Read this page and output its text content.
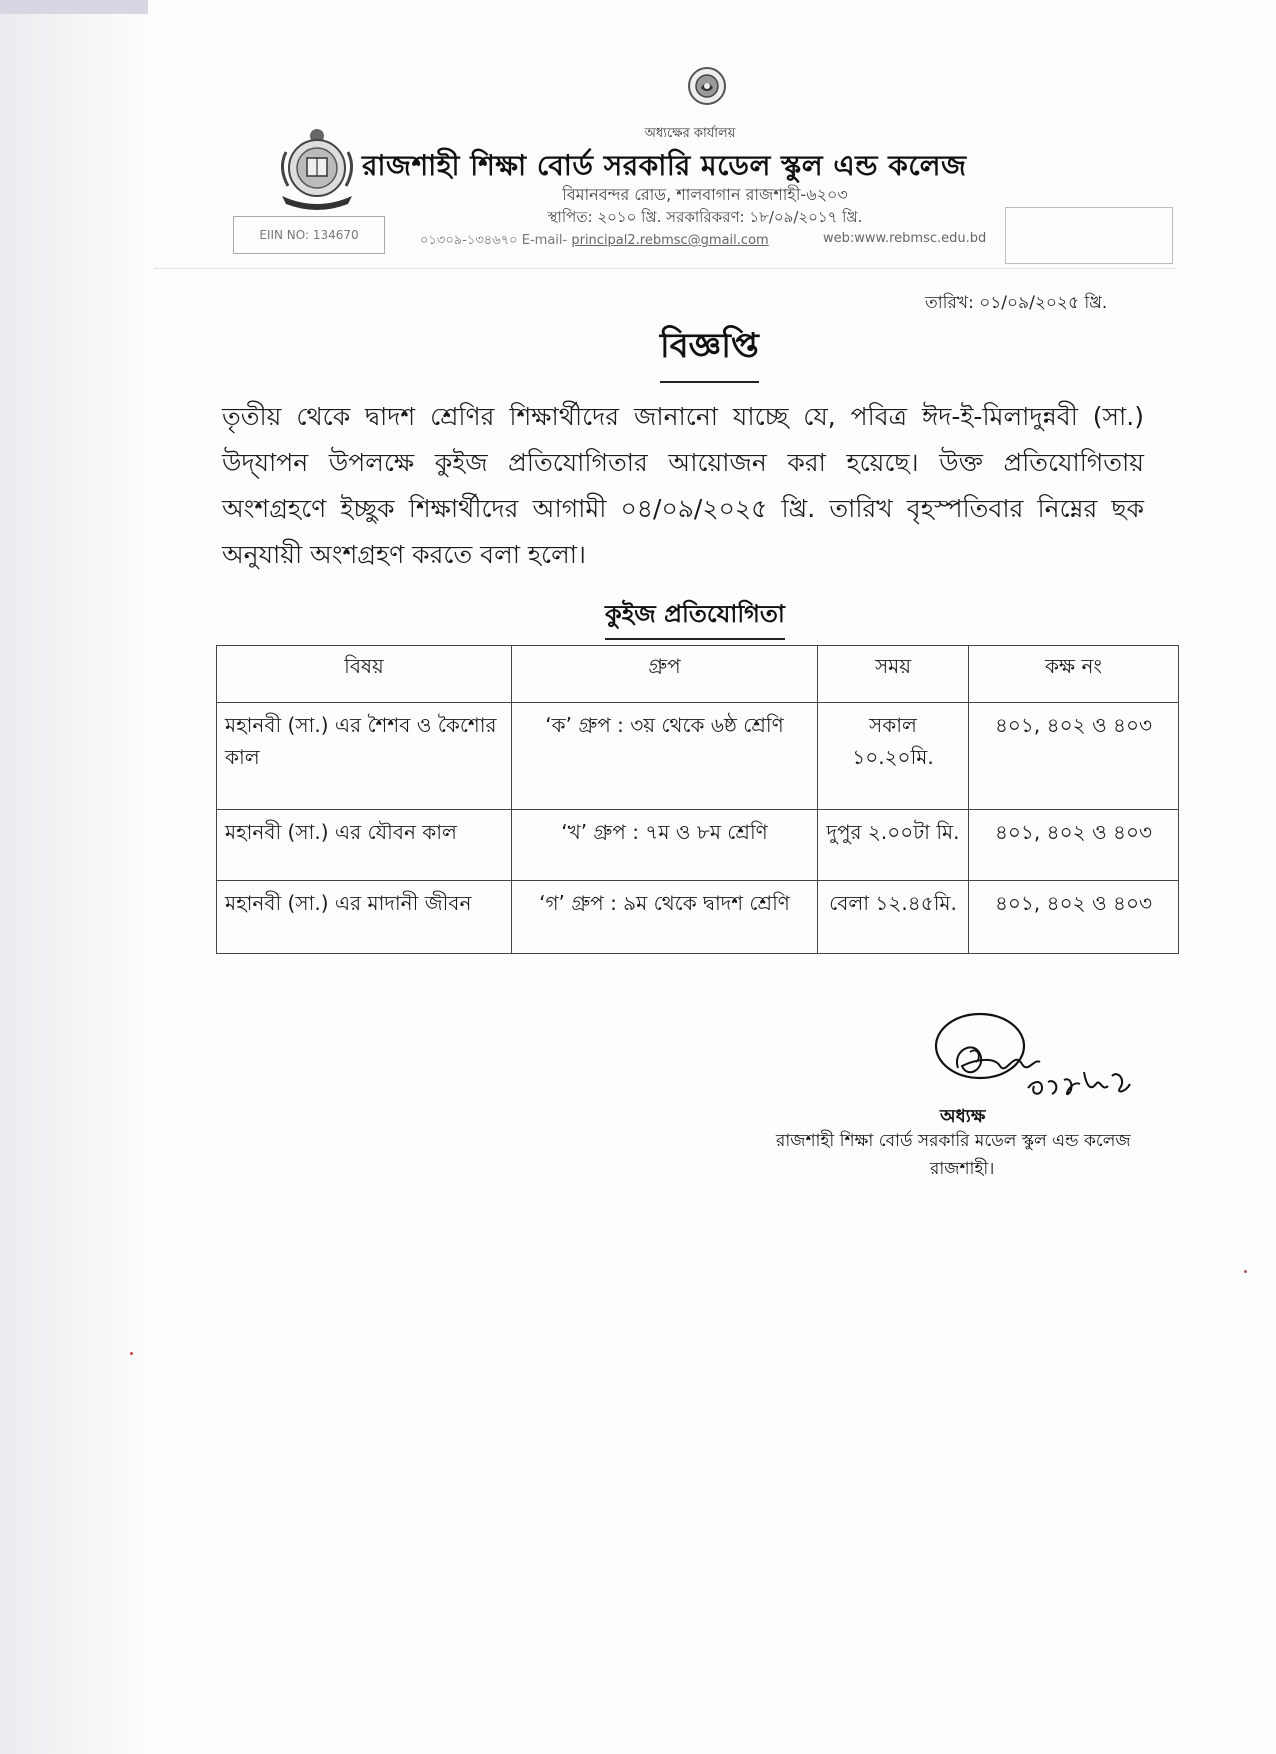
অধ্যক্ষের কার্যালয়
রাজশাহী শিক্ষা বোর্ড সরকারি মডেল স্কুল এন্ড কলেজ
বিমানবন্দর রোড, শালবাগান রাজশাহী-৬২০৩
স্থাপিত: ২০১০ খ্রি. সরকারিকরণ: ১৮/০৯/২০১৭ খ্রি.
০১৩০৯-১৩৪৬৭০ E-mail- principal2.rebmsc@gmail.com	web:www.rebmsc.edu.bd
EIIN NO: 134670

তারিখ: ০১/০৯/২০২৫ খ্রি.
বিজ্ঞপ্তি
তৃতীয় থেকে দ্বাদশ শ্রেণির শিক্ষার্থীদের জানানো যাচ্ছে যে, পবিত্র ঈদ-ই-মিলাদুন্নবী (সা.) উদ্‌যাপন উপলক্ষে কুইজ প্রতিযোগিতার আয়োজন করা হয়েছে। উক্ত প্রতিযোগিতায় অংশগ্রহণে ইচ্ছুক শিক্ষার্থীদের আগামী ০৪/০৯/২০২৫ খ্রি. তারিখ বৃহস্পতিবার নিম্নের ছক অনুযায়ী অংশগ্রহণ করতে বলা হলো।
কুইজ প্রতিযোগিতা
বিষয়	গ্রুপ	সময়	কক্ষ নং
মহানবী (সা.) এর শৈশব ও কৈশোর কাল	‘ক’ গ্রুপ : ৩য় থেকে ৬ষ্ঠ শ্রেণি	সকাল ১০.২০মি.	৪০১, ৪০২ ও ৪০৩
মহানবী (সা.) এর যৌবন কাল	‘খ’ গ্রুপ : ৭ম ও ৮ম শ্রেণি	দুপুর ২.০০টা মি.	৪০১, ৪০২ ও ৪০৩
মহানবী (সা.) এর মাদানী জীবন	‘গ’ গ্রুপ : ৯ম থেকে দ্বাদশ শ্রেণি	বেলা ১২.৪৫মি.	৪০১, ৪০২ ও ৪০৩
অধ্যক্ষ
রাজশাহী শিক্ষা বোর্ড সরকারি মডেল স্কুল এন্ড কলেজ
রাজশাহী।
